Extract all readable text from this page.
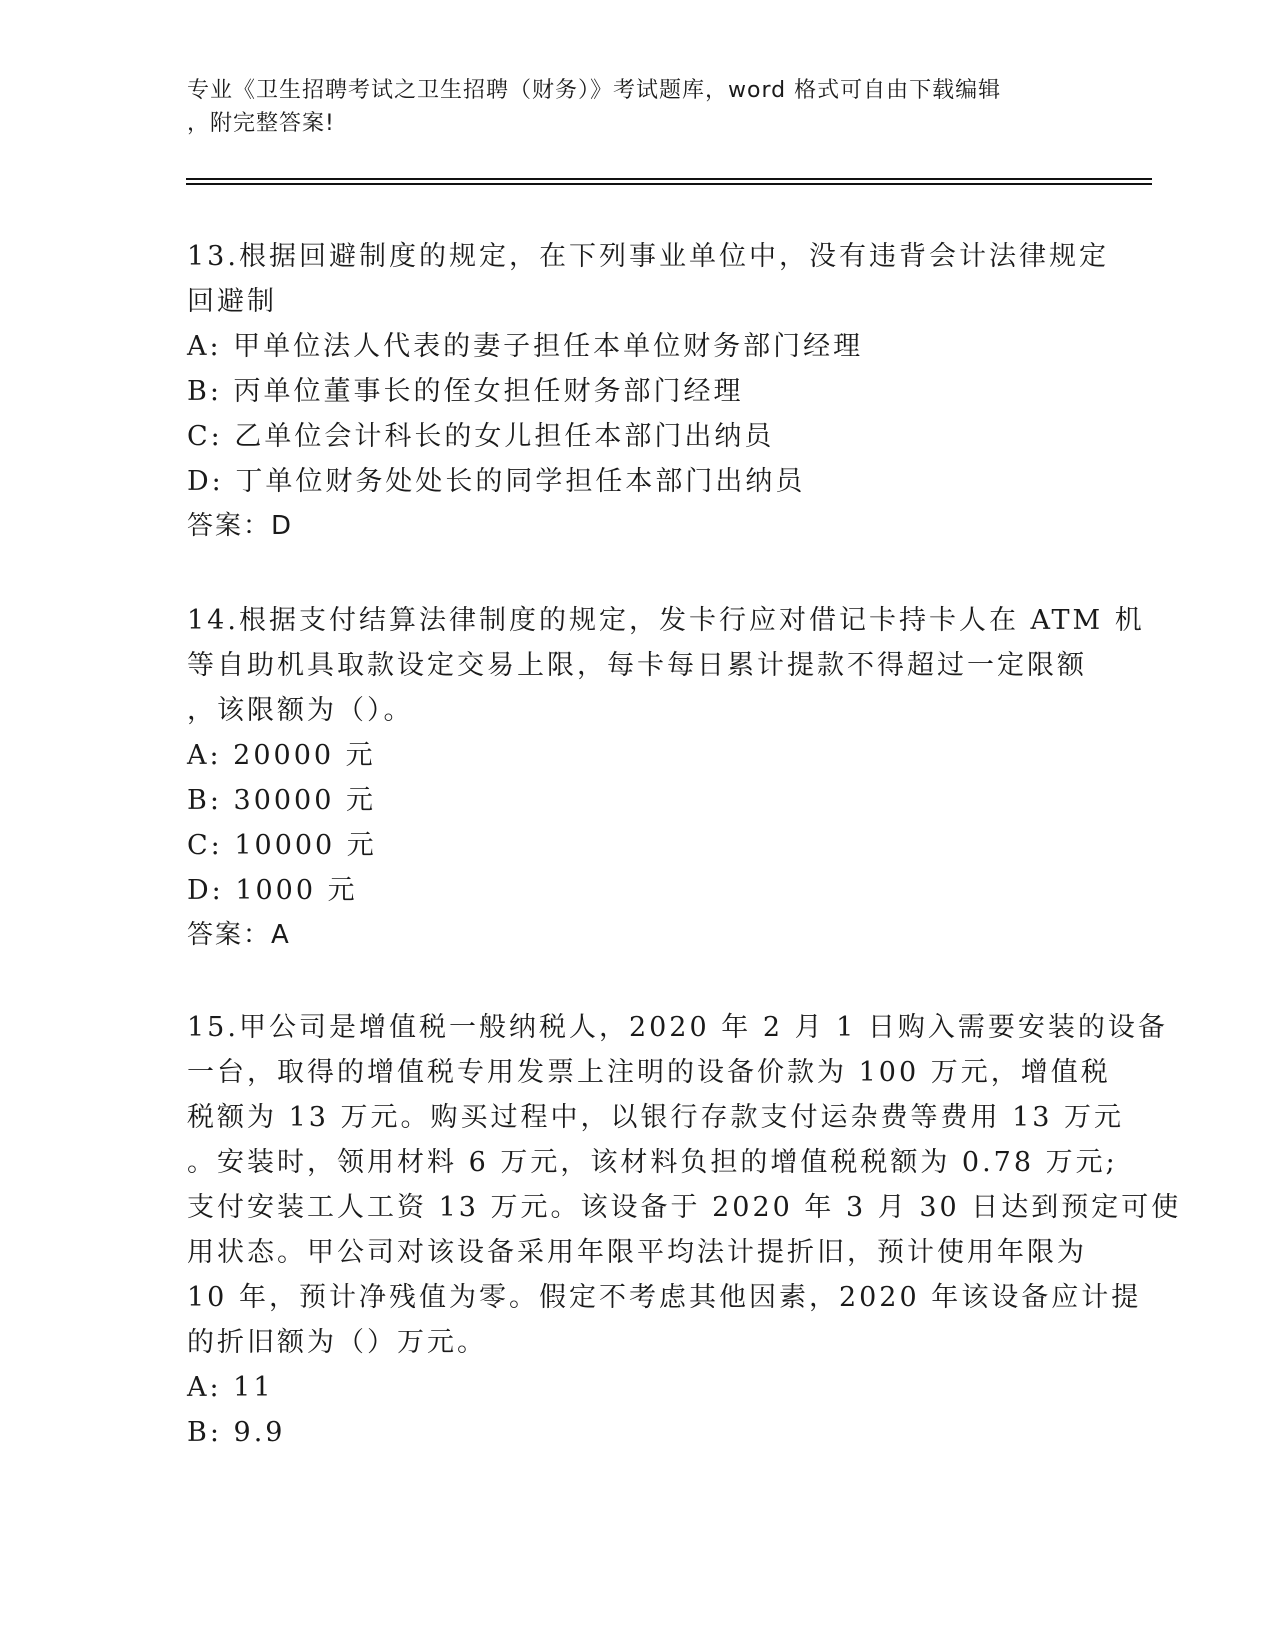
专业《卫生招聘考试之卫生招聘（财务）》考试题库，word 格式可自由下载编辑
，附完整答案!
13.根据回避制度的规定，在下列事业单位中，没有违背会计法律规定
回避制
A: 甲单位法人代表的妻子担任本单位财务部门经理
B: 丙单位董事长的侄女担任财务部门经理
C: 乙单位会计科长的女儿担任本部门出纳员
D: 丁单位财务处处长的同学担任本部门出纳员
答案：D
14.根据支付结算法律制度的规定，发卡行应对借记卡持卡人在 ATM 机
等自助机具取款设定交易上限，每卡每日累计提款不得超过一定限额
，该限额为（）。
A: 20000 元
B: 30000 元
C: 10000 元
D: 1000 元
答案：A
15.甲公司是增值税一般纳税人，2020 年 2 月 1 日购入需要安装的设备
一台，取得的增值税专用发票上注明的设备价款为 100 万元，增值税
税额为 13 万元。购买过程中，以银行存款支付运杂费等费用 13 万元
。安装时，领用材料 6 万元，该材料负担的增值税税额为 0.78 万元;
支付安装工人工资 13 万元。该设备于 2020 年 3 月 30 日达到预定可使
用状态。甲公司对该设备采用年限平均法计提折旧，预计使用年限为
10 年，预计净残值为零。假定不考虑其他因素，2020 年该设备应计提
的折旧额为（）万元。
A: 11
B: 9.9
